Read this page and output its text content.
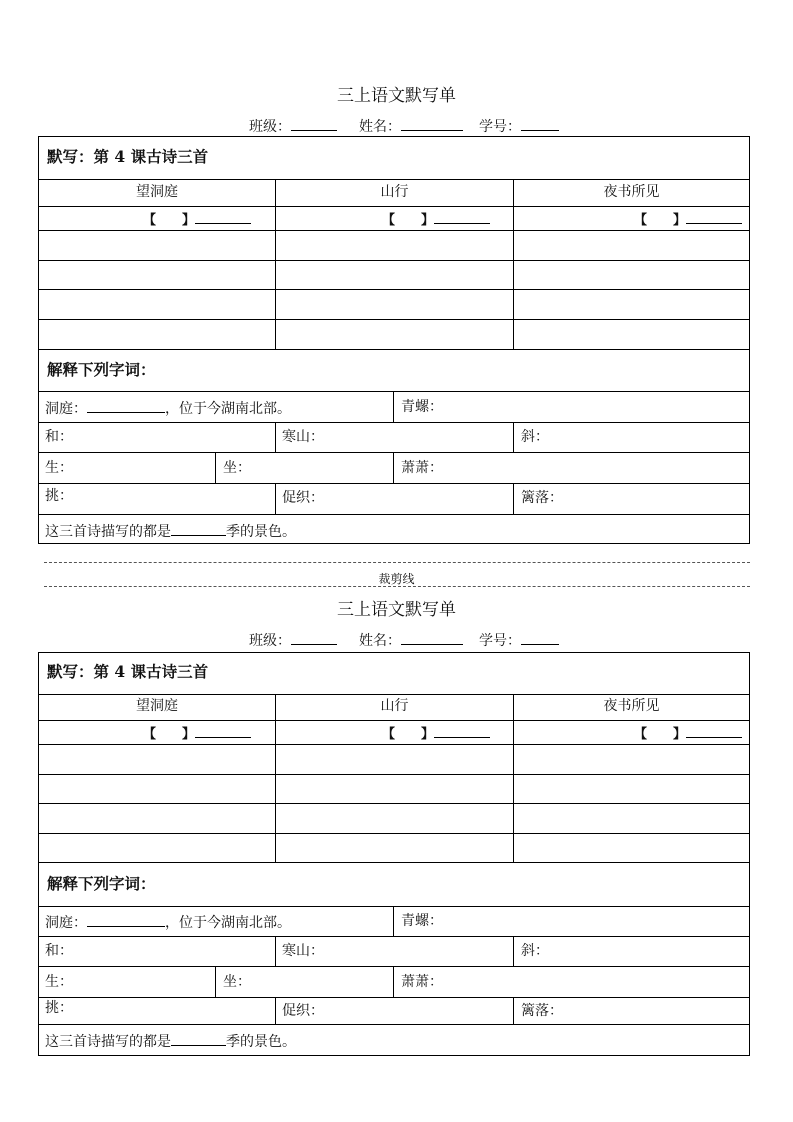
三上语文默写单
班级：	姓名：	学号：
默写：第 4 课古诗三首
望洞庭	山行	夜书所见
【　　】	【　　】	【　　】
解释下列字词：
洞庭：	，位于今湖南北部。	青螺：
和：	寒山：	斜：
生：	坐：	萧萧：
挑：	促织：	篱落：
这三首诗描写的都是	季的景色。
裁剪线
三上语文默写单
班级：	姓名：	学号：
默写：第 4 课古诗三首
望洞庭	山行	夜书所见
【　　】	【　　】	【　　】
解释下列字词：
洞庭：	，位于今湖南北部。	青螺：
和：	寒山：	斜：
生：	坐：	萧萧：
挑：	促织：	篱落：
这三首诗描写的都是	季的景色。
